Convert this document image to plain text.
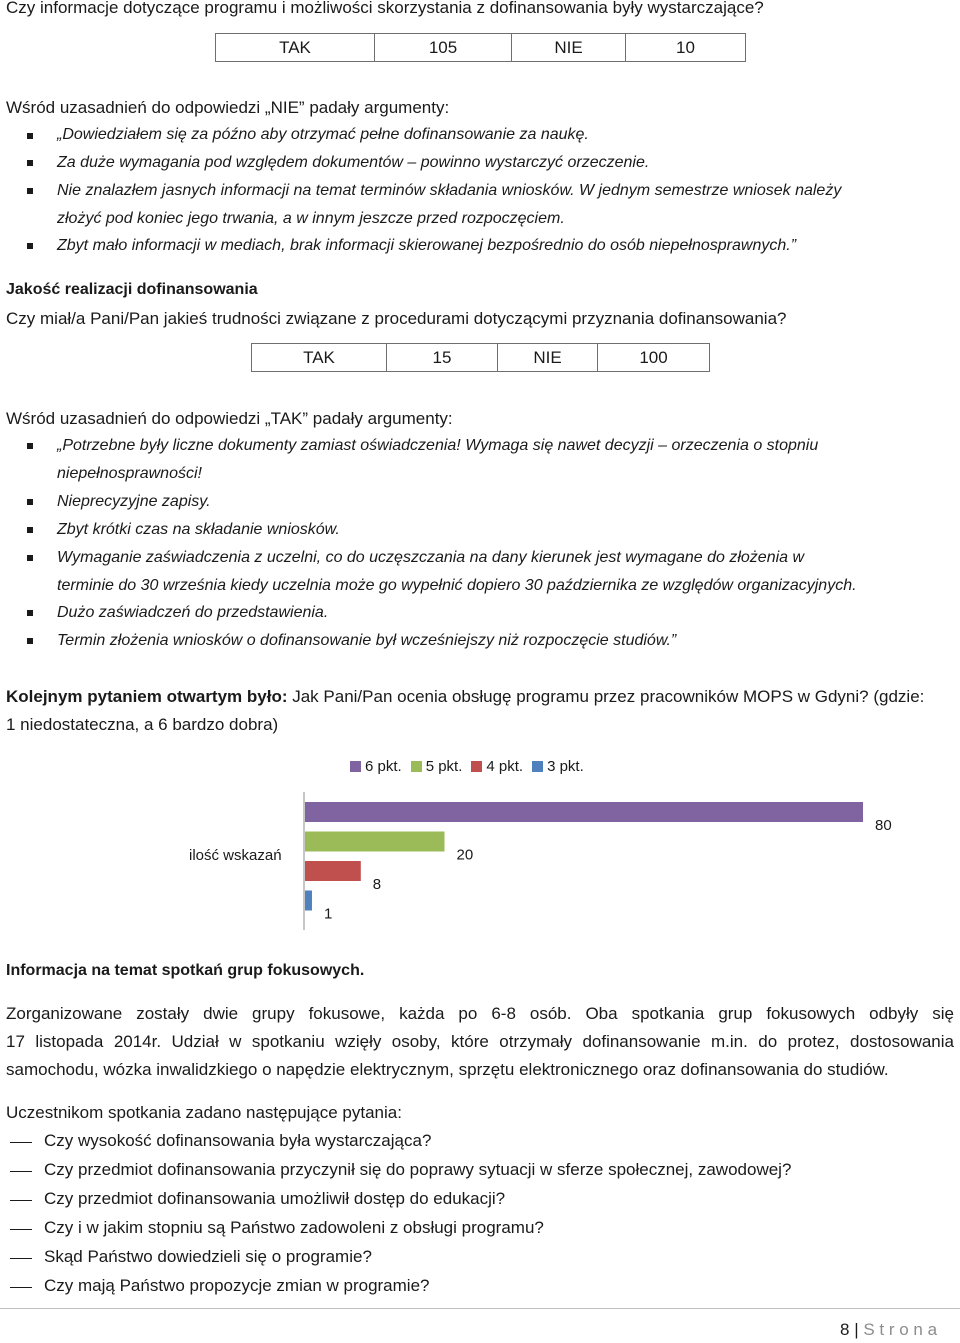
Czy informacje dotyczące programu i możliwości skorzystania z dofinansowania były wystarczające?
TAK	105	NIE	10
Wśród uzasadnień do odpowiedzi „NIE” padały argumenty:
„Dowiedziałem się za późno aby otrzymać pełne dofinansowanie za naukę.
Za duże wymagania pod względem dokumentów – powinno wystarczyć orzeczenie.
Nie znalazłem jasnych informacji na temat terminów składania wniosków. W jednym semestrze wniosek należy
złożyć pod koniec jego trwania, a w innym jeszcze przed rozpoczęciem.
Zbyt mało informacji w mediach, brak informacji skierowanej bezpośrednio do osób niepełnosprawnych.”
Jakość realizacji dofinansowania
Czy miał/a Pani/Pan jakieś trudności związane z procedurami dotyczącymi przyznania dofinansowania?
TAK	15	NIE	100
Wśród uzasadnień do odpowiedzi „TAK” padały argumenty:
„Potrzebne były liczne dokumenty zamiast oświadczenia! Wymaga się nawet decyzji – orzeczenia o stopniu
niepełnosprawności!
Nieprecyzyjne zapisy.
Zbyt krótki czas na składanie wniosków.
Wymaganie zaświadczenia z uczelni, co do uczęszczania na dany kierunek jest wymagane do złożenia w
terminie do 30 września kiedy uczelnia może go wypełnić dopiero 30 października ze względów organizacyjnych.
Dużo zaświadczeń do przedstawienia.
Termin złożenia wniosków o dofinansowanie był wcześniejszy niż rozpoczęcie studiów.”
Kolejnym pytaniem otwartym było: Jak Pani/Pan ocenia obsługę programu przez pracowników MOPS w Gdyni? (gdzie:
1 niedostateczna, a 6 bardzo dobra)
6 pkt. 5 pkt. 4 pkt. 3 pkt.
ilość wskazań
80
20
8
1
Informacja na temat spotkań grup fokusowych.
Zorganizowane zostały dwie grupy fokusowe, każda po 6-8 osób. Oba spotkania grup fokusowych odbyły się
17 listopada 2014r. Udział w spotkaniu wzięły osoby, które otrzymały dofinansowanie m.in. do protez, dostosowania
samochodu, wózka inwalidzkiego o napędzie elektrycznym, sprzętu elektronicznego oraz dofinansowania do studiów.
Uczestnikom spotkania zadano następujące pytania:
Czy wysokość dofinansowania była wystarczająca?
Czy przedmiot dofinansowania przyczynił się do poprawy sytuacji w sferze społecznej, zawodowej?
Czy przedmiot dofinansowania umożliwił dostęp do edukacji?
Czy i w jakim stopniu są Państwo zadowoleni z obsługi programu?
Skąd Państwo dowiedzieli się o programie?
Czy mają Państwo propozycje zmian w programie?
8 | S t r o n a
